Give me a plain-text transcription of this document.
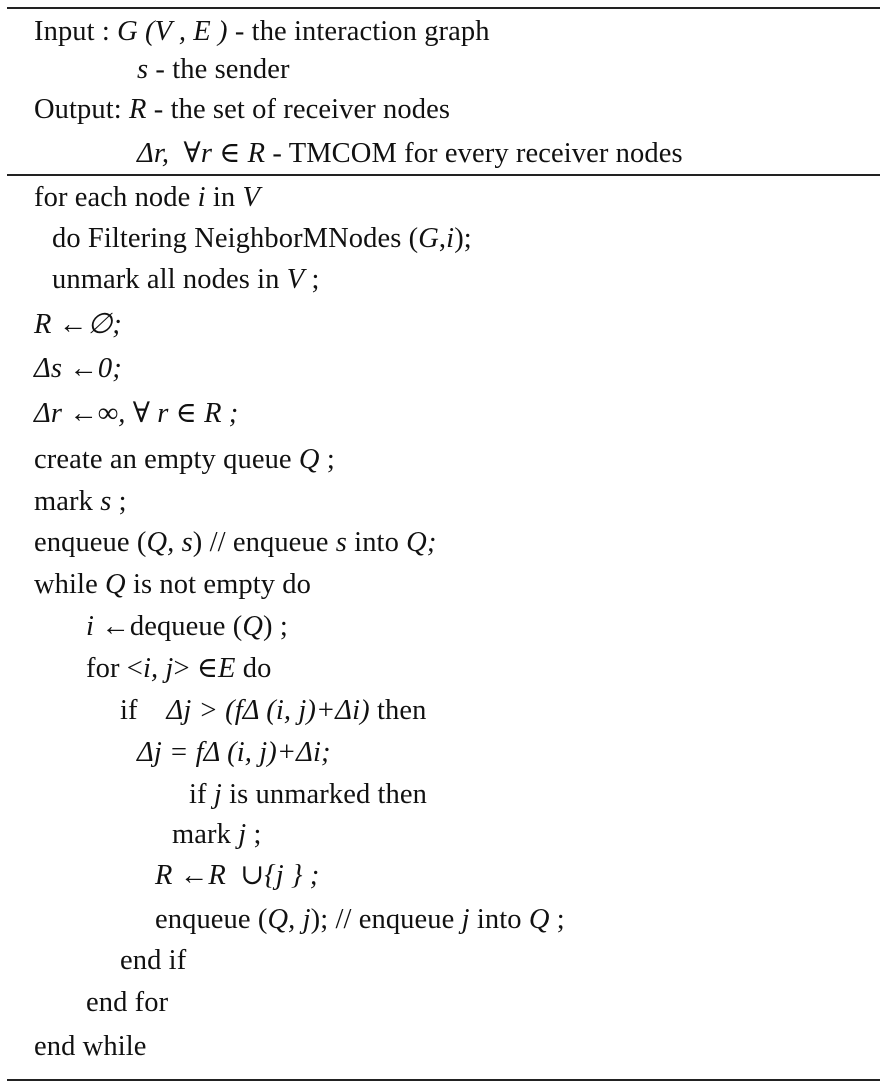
Input : G (V , E ) - the interaction graph
s - the sender
Output: R - the set of receiver nodes
Δr,  ∀r ∈ R - TMCOM for every receiver nodes
for each node i in V
do Filtering NeighborMNodes (G,i);
unmark all nodes in V ;
R ←∅;
Δs ←0;
Δr ←∞, ∀ r ∈ R ;
create an empty queue Q ;
mark s ;
enqueue (Q, s) // enqueue s into Q;
while Q is not empty do
i ←dequeue (Q) ;
for <i, j> ∈E do
if    Δj > (fΔ (i, j)+Δi) then
Δj = fΔ (i, j)+Δi;
if j is unmarked then
mark j ;
R ←R  ∪{j } ;
enqueue (Q, j); // enqueue j into Q ;
end if
end for
end while
